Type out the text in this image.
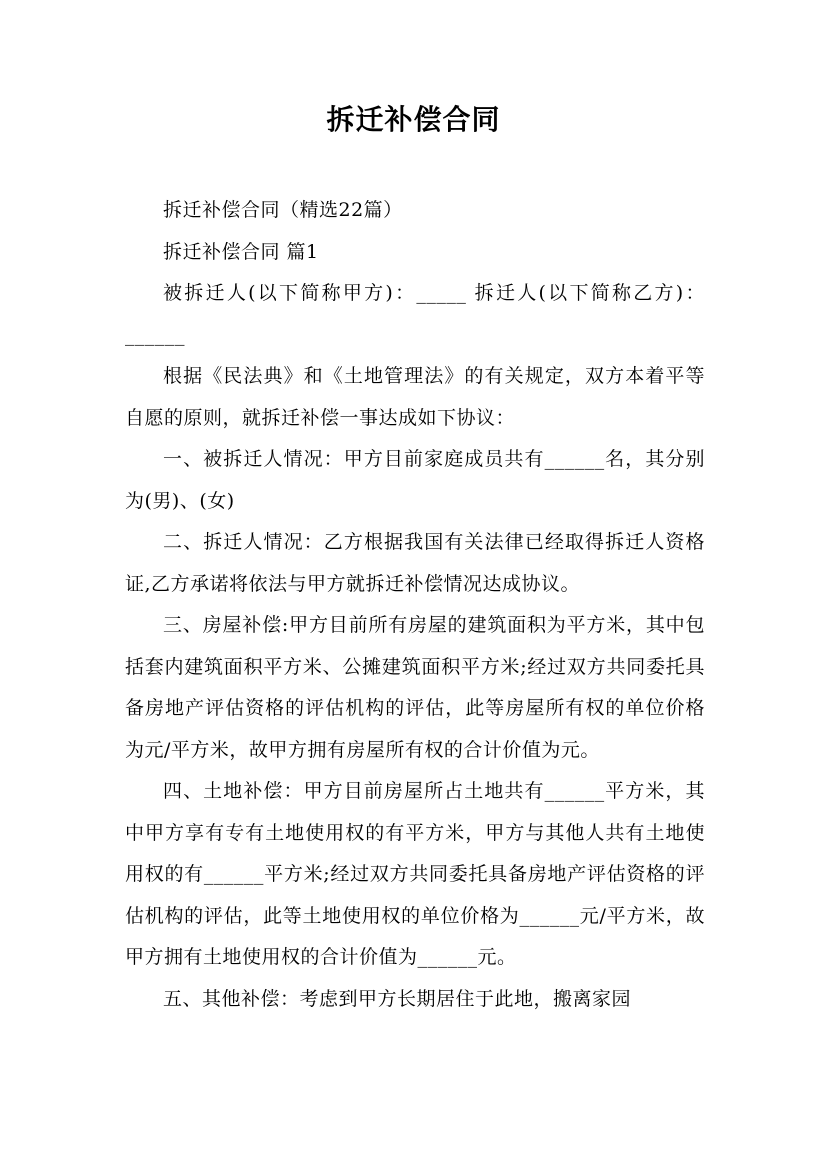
拆迁补偿合同

拆迁补偿合同（精选22篇）

拆迁补偿合同 篇1

被拆迁人(以下简称甲方)：_____ 拆迁人(以下简称乙方)：______

根据《民法典》和《土地管理法》的有关规定，双方本着平等自愿的原则，就拆迁补偿一事达成如下协议：

一、被拆迁人情况：甲方目前家庭成员共有______名，其分别为(男)、(女)

二、拆迁人情况：乙方根据我国有关法律已经取得拆迁人资格证,乙方承诺将依法与甲方就拆迁补偿情况达成协议。

三、房屋补偿:甲方目前所有房屋的建筑面积为平方米，其中包括套内建筑面积平方米、公摊建筑面积平方米;经过双方共同委托具备房地产评估资格的评估机构的评估，此等房屋所有权的单位价格为元/平方米，故甲方拥有房屋所有权的合计价值为元。

四、土地补偿：甲方目前房屋所占土地共有______平方米，其中甲方享有专有土地使用权的有平方米，甲方与其他人共有土地使用权的有______平方米;经过双方共同委托具备房地产评估资格的评估机构的评估，此等土地使用权的单位价格为______元/平方米，故甲方拥有土地使用权的合计价值为______元。

五、其他补偿：考虑到甲方长期居住于此地，搬离家园
